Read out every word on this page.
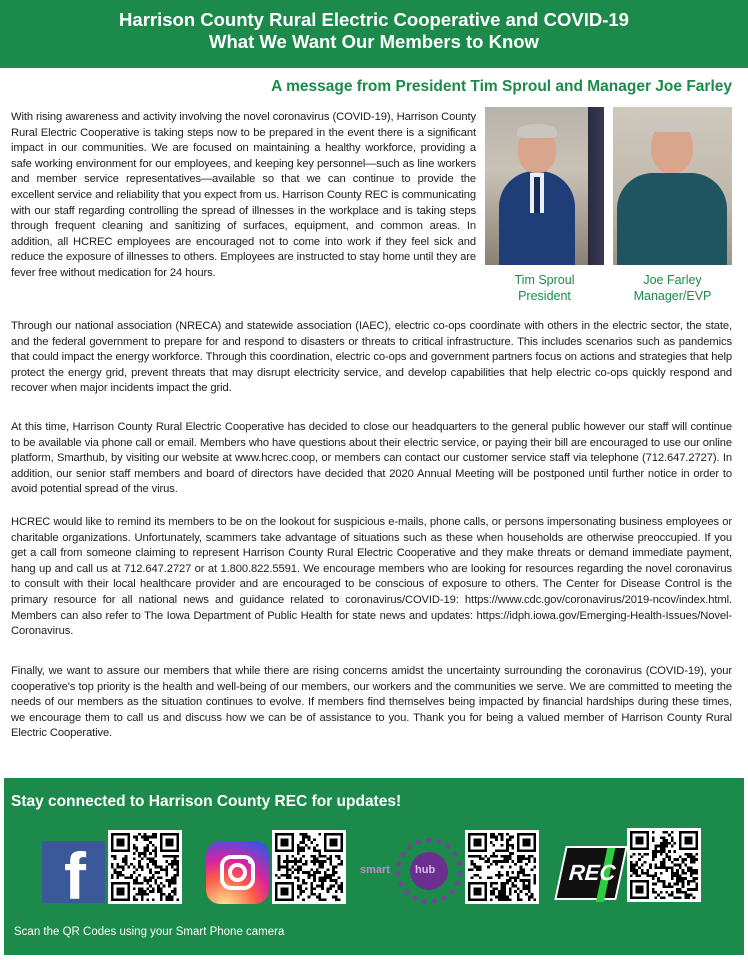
Harrison County Rural Electric Cooperative and COVID-19
What We Want Our Members to Know
A message from President Tim Sproul and Manager Joe Farley
With rising awareness and activity involving the novel coronavirus (COVID-19), Harrison County Rural Electric Cooperative is taking steps now to be prepared in the event there is a significant impact in our communities. We are focused on maintaining a healthy workforce, providing a safe working environment for our employees, and keeping key personnel—such as line workers and member service representatives—available so that we can continue to provide the excellent service and reliability that you expect from us. Harrison County REC is communicating with our staff regarding controlling the spread of illnesses in the workplace and is taking steps through frequent cleaning and sanitizing of surfaces, equipment, and common areas. In addition, all HCREC employees are encouraged not to come into work if they feel sick and reduce the exposure of illnesses to others. Employees are instructed to stay home until they are fever free without medication for 24 hours.
Tim Sproul
President
Joe Farley
Manager/EVP
Through our national association (NRECA) and statewide association (IAEC), electric co-ops coordinate with others in the electric sector, the state, and the federal government to prepare for and respond to disasters or threats to critical infrastructure. This includes scenarios such as pandemics that could impact the energy workforce. Through this coordination, electric co-ops and government partners focus on actions and strategies that help protect the energy grid, prevent threats that may disrupt electricity service, and develop capabilities that help electric co-ops quickly respond and recover when major incidents impact the grid.
At this time, Harrison County Rural Electric Cooperative has decided to close our headquarters to the general public however our staff will continue to be available via phone call or email. Members who have questions about their electric service, or paying their bill are encouraged to use our online platform, Smarthub, by visiting our website at www.hcrec.coop, or members can contact our customer service staff via telephone (712.647.2727). In addition, our senior staff members and board of directors have decided that 2020 Annual Meeting will be postponed until further notice in order to avoid potential spread of the virus.
HCREC would like to remind its members to be on the lookout for suspicious e-mails, phone calls, or persons impersonating business employees or charitable organizations. Unfortunately, scammers take advantage of situations such as these when households are otherwise preoccupied. If you get a call from someone claiming to represent Harrison County Rural Electric Cooperative and they make threats or demand immediate payment, hang up and call us at 712.647.2727 or at 1.800.822.5591. We encourage members who are looking for resources regarding the novel coronavirus to consult with their local healthcare provider and are encouraged to be conscious of exposure to others. The Center for Disease Control is the primary resource for all national news and guidance related to coronavirus/COVID-19: https://www.cdc.gov/coronavirus/2019-ncov/index.html. Members can also refer to The Iowa Department of Public Health for state news and updates: https://idph.iowa.gov/Emerging-Health-Issues/Novel-Coronavirus.
Finally, we want to assure our members that while there are rising concerns amidst the uncertainty surrounding the coronavirus (COVID-19), your cooperative's top priority is the health and well-being of our members, our workers and the communities we serve. We are committed to meeting the needs of our members as the situation continues to evolve. If members find themselves being impacted by financial hardships during these times, we encourage them to call us and discuss how we can be of assistance to you. Thank you for being a valued member of Harrison County Rural Electric Cooperative.
Stay connected to Harrison County REC for updates!
f	smart hub	REC
Scan the QR Codes using your Smart Phone camera
